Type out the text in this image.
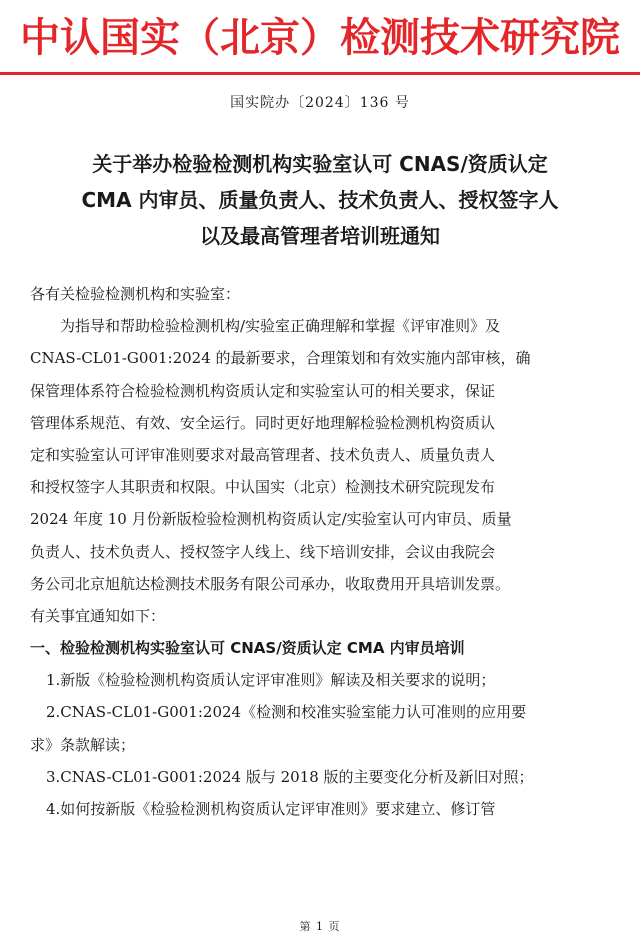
中认国实（北京）检测技术研究院
国实院办〔2024〕136 号
关于举办检验检测机构实验室认可 CNAS/资质认定
CMA 内审员、质量负责人、技术负责人、授权签字人
以及最高管理者培训班通知
各有关检验检测机构和实验室：
为指导和帮助检验检测机构/实验室正确理解和掌握《评审准则》及
CNAS-CL01-G001:2024 的最新要求，合理策划和有效实施内部审核，确
保管理体系符合检验检测机构资质认定和实验室认可的相关要求，保证
管理体系规范、有效、安全运行。同时更好地理解检验检测机构资质认
定和实验室认可评审准则要求对最高管理者、技术负责人、质量负责人
和授权签字人其职责和权限。中认国实（北京）检测技术研究院现发布
2024 年度 10 月份新版检验检测机构资质认定/实验室认可内审员、质量
负责人、技术负责人、授权签字人线上、线下培训安排，会议由我院会
务公司北京旭航达检测技术服务有限公司承办，收取费用开具培训发票。
有关事宜通知如下：
一、检验检测机构实验室认可 CNAS/资质认定 CMA 内审员培训
1.新版《检验检测机构资质认定评审准则》解读及相关要求的说明；
2.CNAS-CL01-G001:2024《检测和校准实验室能力认可准则的应用要
求》条款解读；
3.CNAS-CL01-G001:2024 版与 2018 版的主要变化分析及新旧对照；
4.如何按新版《检验检测机构资质认定评审准则》要求建立、修订管
第 1 页
